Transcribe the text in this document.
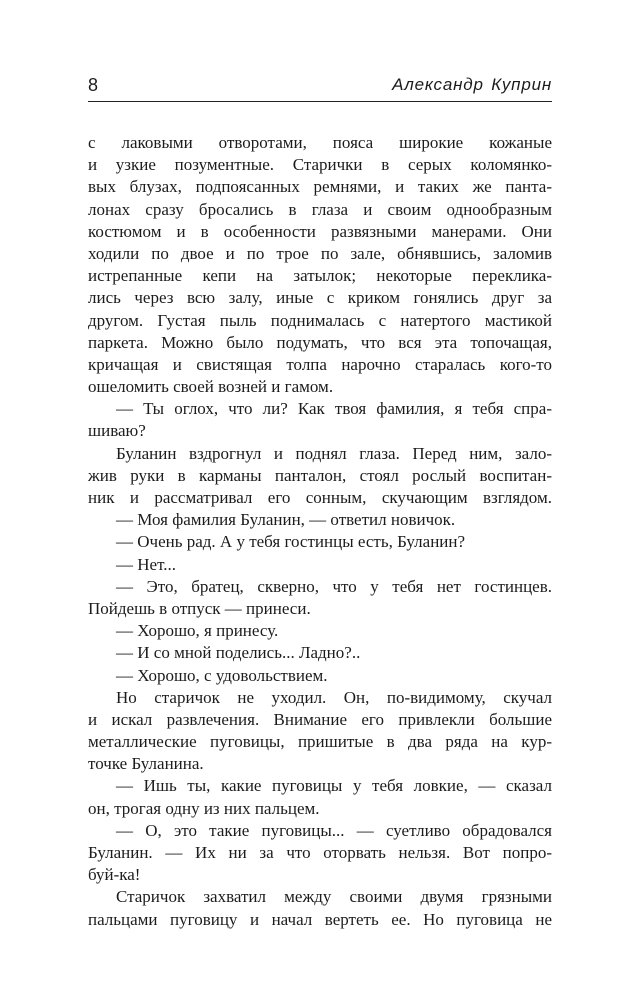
8	Александр Куприн
с лаковыми отворотами, пояса широкие кожаные
и узкие позументные. Старички в серых коломянко-
вых блузах, подпоясанных ремнями, и таких же панта-
лонах сразу бросались в глаза и своим однообразным
костюмом и в особенности развязными манерами. Они
ходили по двое и по трое по зале, обнявшись, заломив
истрепанные кепи на затылок; некоторые переклика-
лись через всю залу, иные с криком гонялись друг за
другом. Густая пыль поднималась с натертого мастикой
паркета. Можно было подумать, что вся эта топочащая,
кричащая и свистящая толпа нарочно старалась кого-то
ошеломить своей возней и гамом.
— Ты оглох, что ли? Как твоя фамилия, я тебя спра-
шиваю?
Буланин вздрогнул и поднял глаза. Перед ним, зало-
жив руки в карманы панталон, стоял рослый воспитан-
ник и рассматривал его сонным, скучающим взглядом.
— Моя фамилия Буланин, — ответил новичок.
— Очень рад. А у тебя гостинцы есть, Буланин?
— Нет...
— Это, братец, скверно, что у тебя нет гостинцев.
Пойдешь в отпуск — принеси.
— Хорошо, я принесу.
— И со мной поделись... Ладно?..
— Хорошо, с удовольствием.
Но старичок не уходил. Он, по-видимому, скучал
и искал развлечения. Внимание его привлекли большие
металлические пуговицы, пришитые в два ряда на кур-
точке Буланина.
— Ишь ты, какие пуговицы у тебя ловкие, — сказал
он, трогая одну из них пальцем.
— О, это такие пуговицы... — суетливо обрадовался
Буланин. — Их ни за что оторвать нельзя. Вот попро-
буй-ка!
Старичок захватил между своими двумя грязными
пальцами пуговицу и начал вертеть ее. Но пуговица не
